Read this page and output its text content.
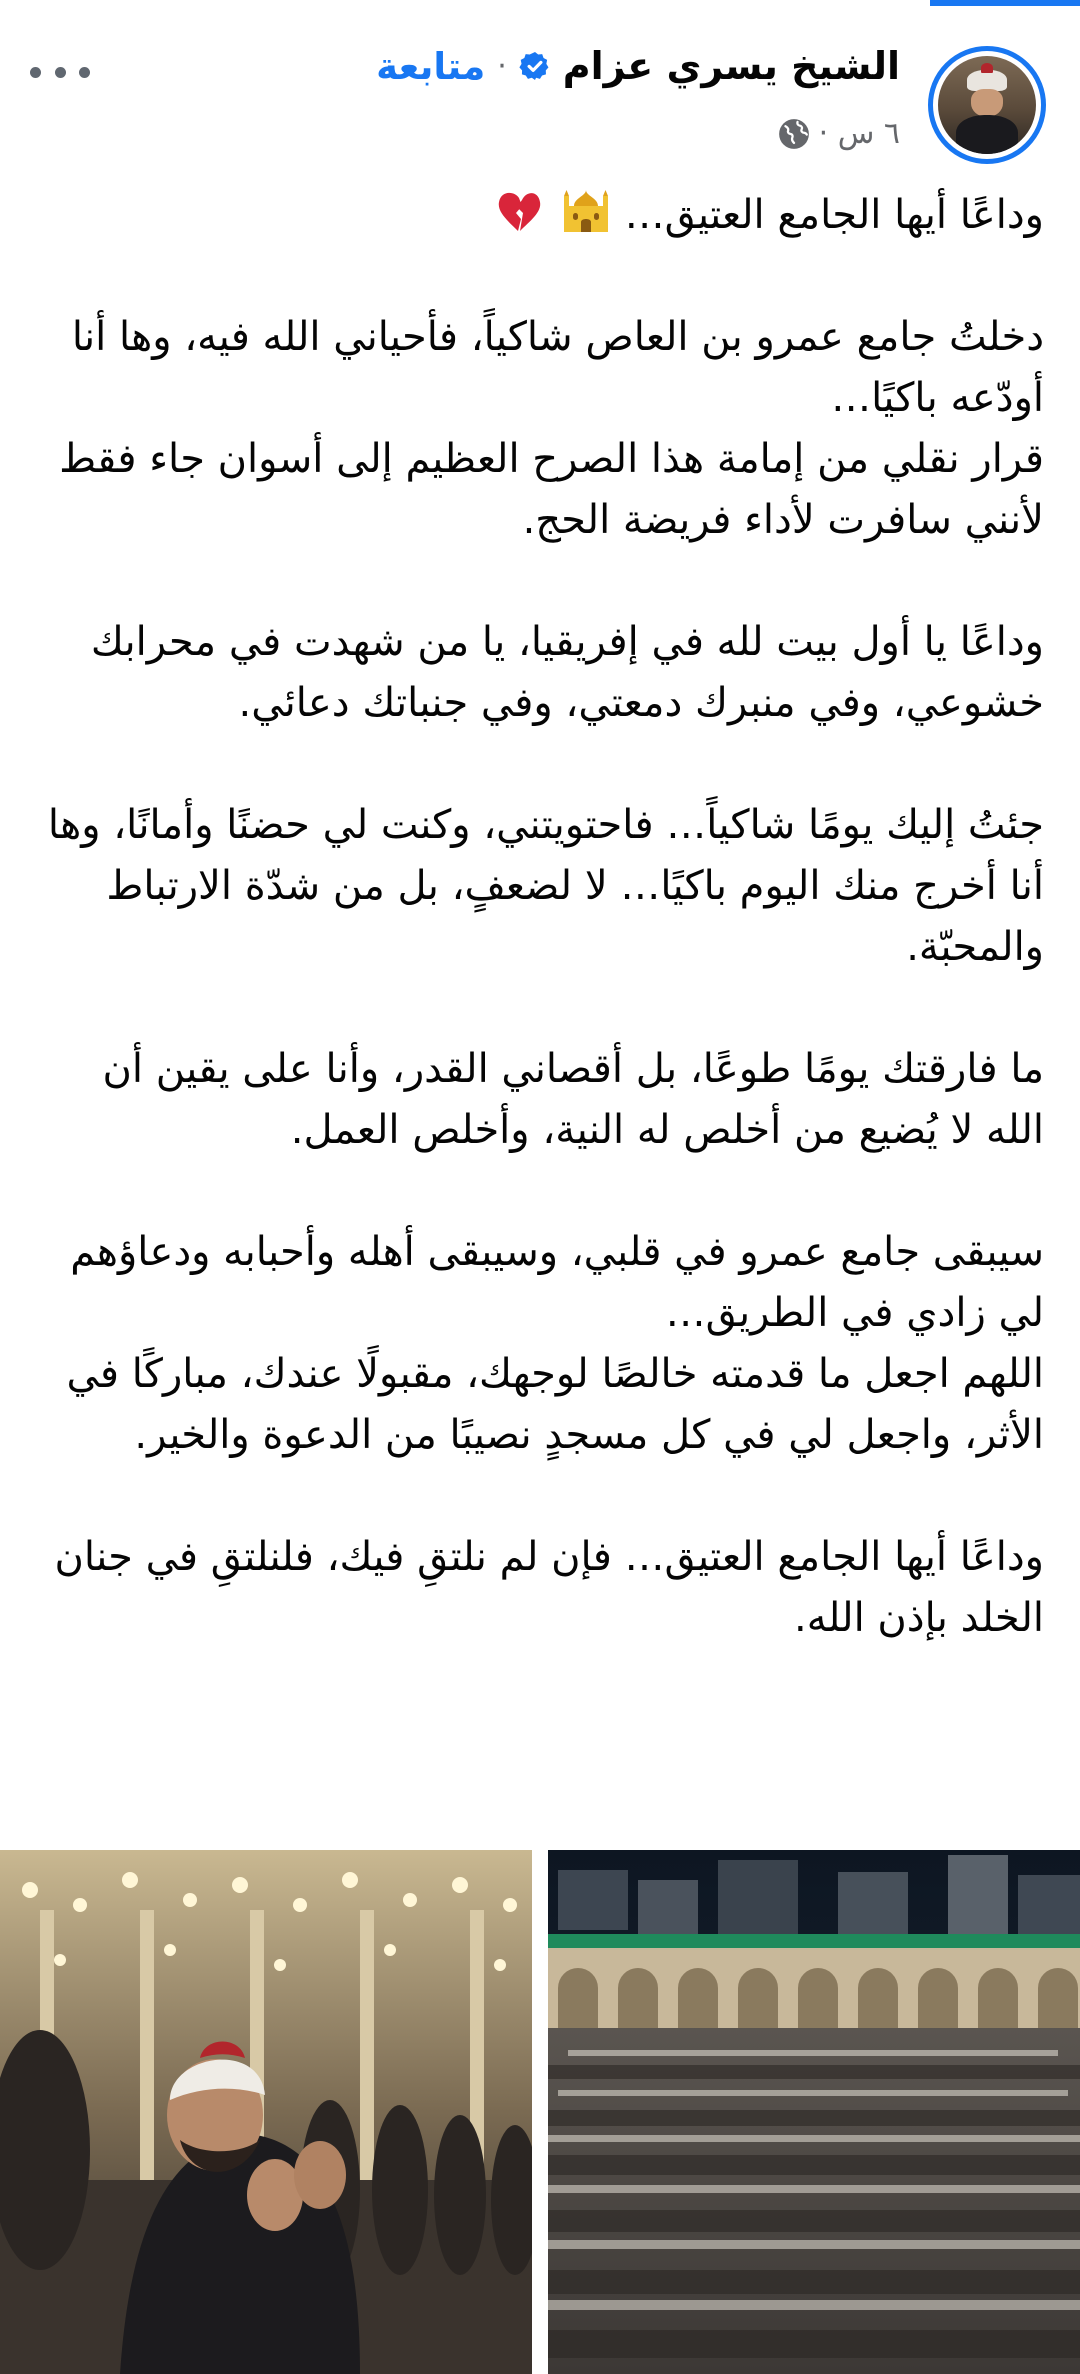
الشيخ يسري عزام
·
متابعة
٦ س ·

وداعًا أيها الجامع العتيق…

دخلتُ جامع عمرو بن العاص شاكياً، فأحياني الله فيه، وها أنا أودّعه باكيًا…
قرار نقلي من إمامة هذا الصرح العظيم إلى أسوان جاء فقط لأنني سافرت لأداء فريضة الحج.

وداعًا يا أول بيت لله في إفريقيا، يا من شهدت في محرابك خشوعي، وفي منبرك دمعتي، وفي جنباتك دعائي.

جئتُ إليك يومًا شاكياً… فاحتويتني، وكنت لي حضنًا وأمانًا، وها أنا أخرج منك اليوم باكيًا… لا لضعفٍ، بل من شدّة الارتباط والمحبّة.

ما فارقتك يومًا طوعًا، بل أقصاني القدر، وأنا على يقين أن الله لا يُضيع من أخلص له النية، وأخلص العمل.

سيبقى جامع عمرو في قلبي، وسيبقى أهله وأحبابه ودعاؤهم لي زادي في الطريق…
اللهم اجعل ما قدمته خالصًا لوجهك، مقبولًا عندك، مباركًا في الأثر، واجعل لي في كل مسجدٍ نصيبًا من الدعوة والخير.

وداعًا أيها الجامع العتيق… فإن لم نلتقِ فيك، فلنلتقِ في جنان الخلد بإذن الله.
